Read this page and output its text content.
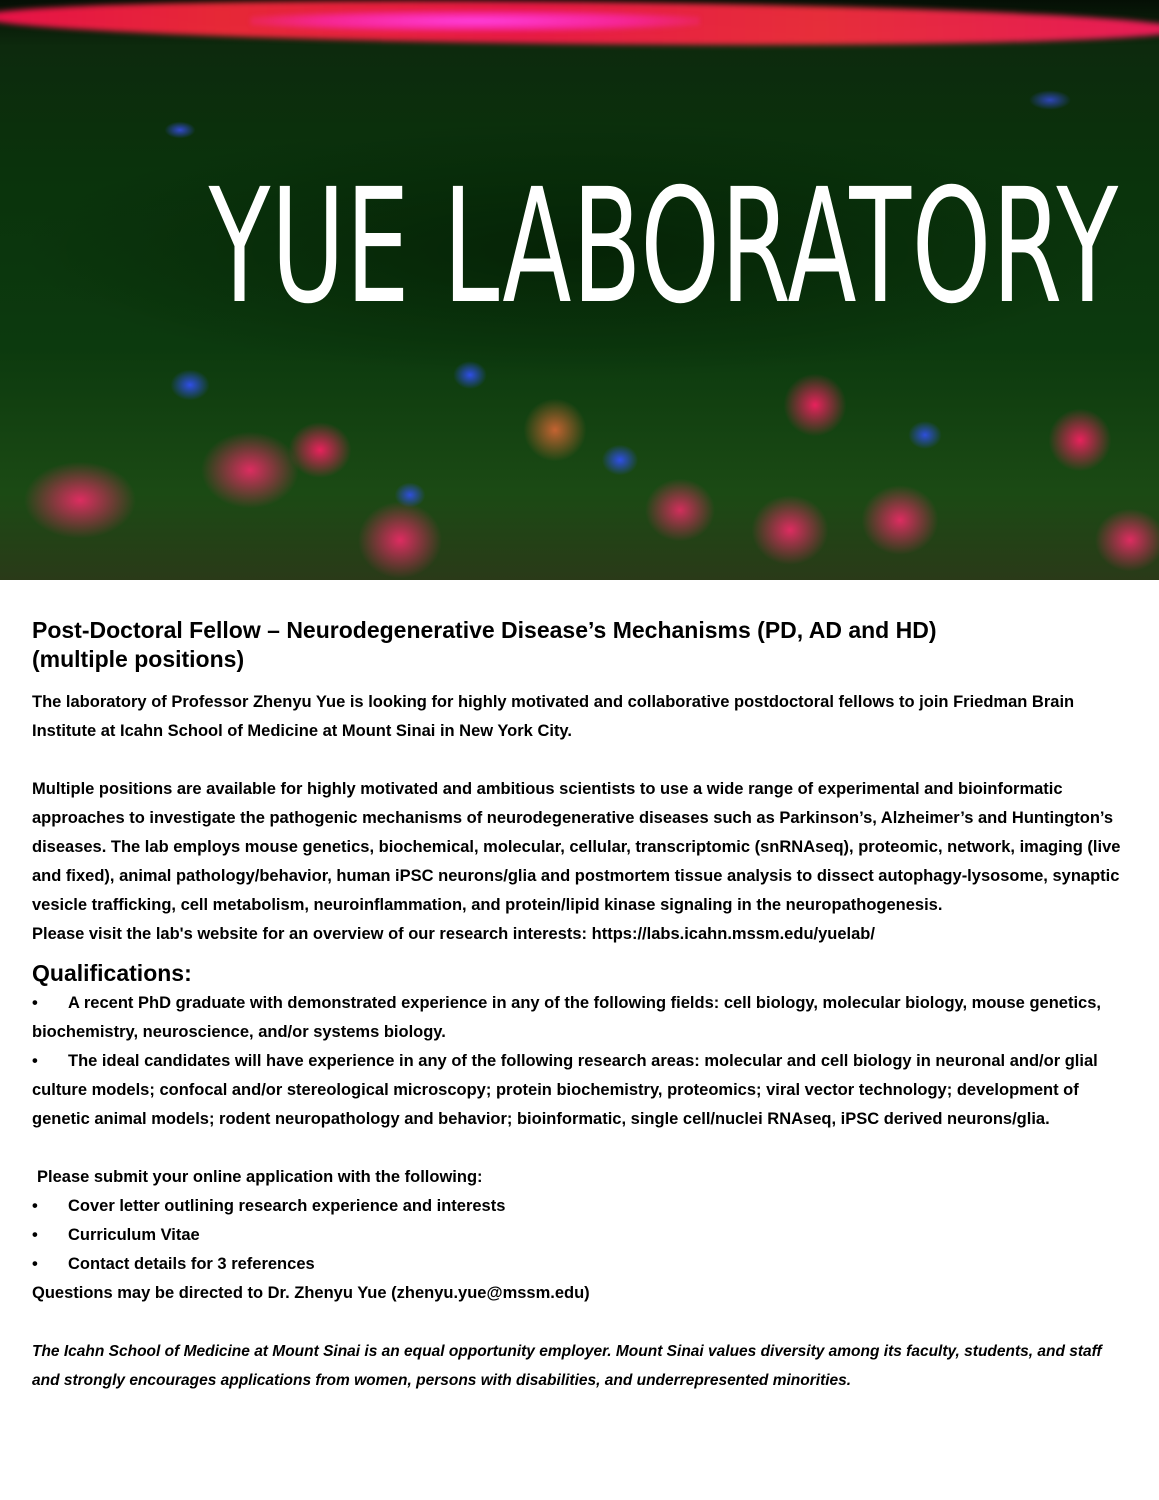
YUE LABORATORY
Post-Doctoral Fellow – Neurodegenerative Disease’s Mechanisms (PD, AD and HD)
(multiple positions)

The laboratory of Professor Zhenyu Yue is looking for highly motivated and collaborative postdoctoral fellows to join Friedman Brain Institute at Icahn School of Medicine at Mount Sinai in New York City.

Multiple positions are available for highly motivated and ambitious scientists to use a wide range of experimental and bioinformatic approaches to investigate the pathogenic mechanisms of neurodegenerative diseases such as Parkinson’s, Alzheimer’s and Huntington’s diseases. The lab employs mouse genetics, biochemical, molecular, cellular, transcriptomic (snRNAseq), proteomic, network, imaging (live and fixed), animal pathology/behavior, human iPSC neurons/glia and postmortem tissue analysis to dissect autophagy-lysosome, synaptic vesicle trafficking, cell metabolism, neuroinflammation, and protein/lipid kinase signaling in the neuropathogenesis.

Please visit the lab's website for an overview of our research interests: https://labs.icahn.mssm.edu/yuelab/

Qualifications:

• A recent PhD graduate with demonstrated experience in any of the following fields: cell biology, molecular biology, mouse genetics, biochemistry, neuroscience, and/or systems biology.

• The ideal candidates will have experience in any of the following research areas: molecular and cell biology in neuronal and/or glial culture models; confocal and/or stereological microscopy; protein biochemistry, proteomics; viral vector technology; development of genetic animal models; rodent neuropathology and behavior; bioinformatic, single cell/nuclei RNAseq, iPSC derived neurons/glia.

Please submit your online application with the following:

• Cover letter outlining research experience and interests

• Curriculum Vitae

• Contact details for 3 references

Questions may be directed to Dr. Zhenyu Yue (zhenyu.yue@mssm.edu)

The Icahn School of Medicine at Mount Sinai is an equal opportunity employer. Mount Sinai values diversity among its faculty, students, and staff and strongly encourages applications from women, persons with disabilities, and underrepresented minorities.
